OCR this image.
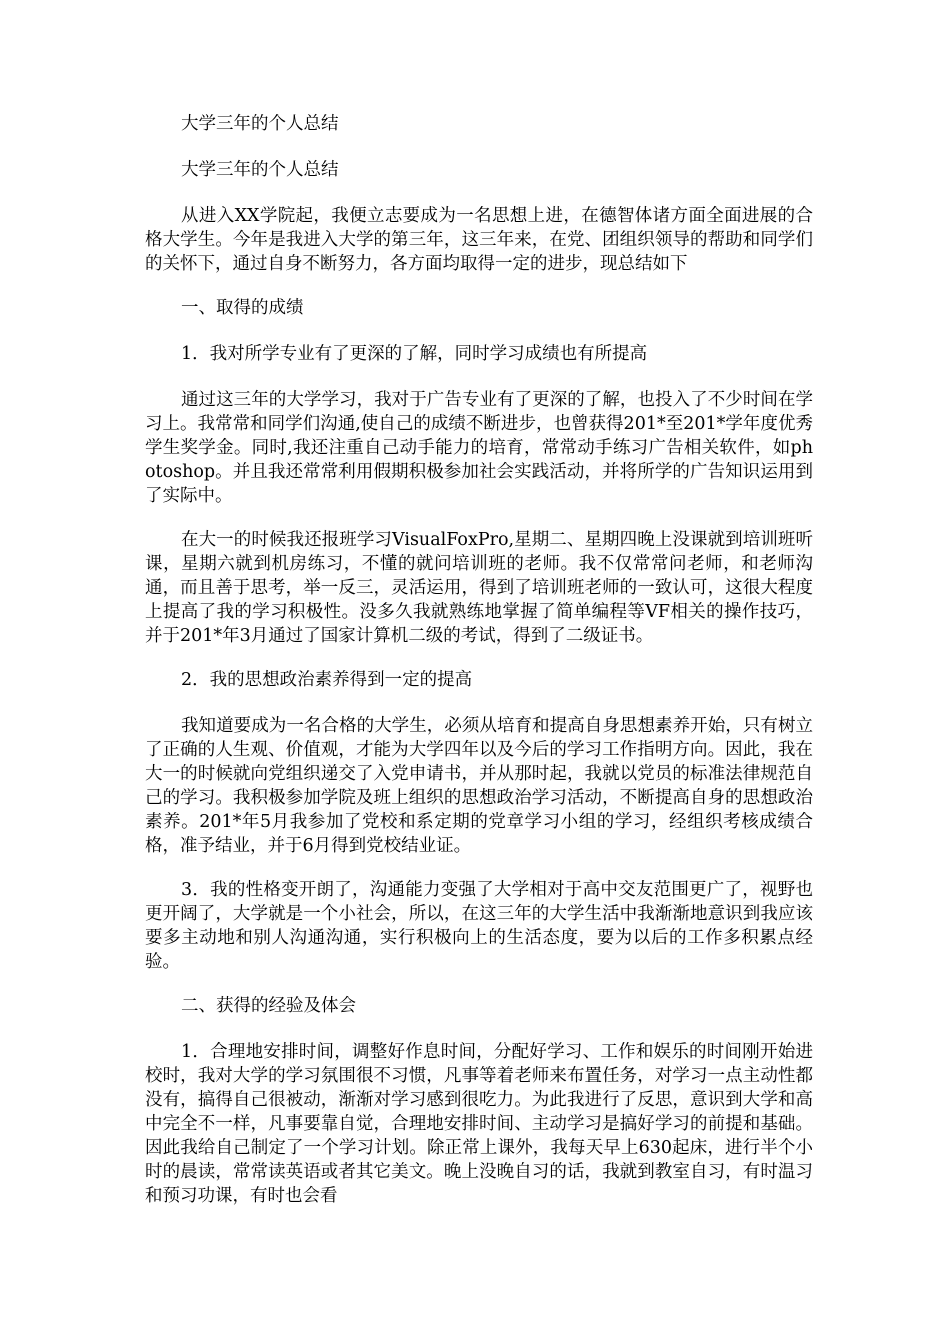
大学三年的个人总结

大学三年的个人总结

从进入XX学院起，我便立志要成为一名思想上进，在德智体诸方面全面进展的合格大学生。今年是我进入大学的第三年，这三年来，在党、团组织领导的帮助和同学们的关怀下，通过自身不断努力，各方面均取得一定的进步，现总结如下

一、取得的成绩

1．我对所学专业有了更深的了解，同时学习成绩也有所提高

通过这三年的大学学习，我对于广告专业有了更深的了解，也投入了不少时间在学习上。我常常和同学们沟通,使自己的成绩不断进步，也曾获得201*至201*学年度优秀学生奖学金。同时,我还注重自己动手能力的培育，常常动手练习广告相关软件，如photoshop。并且我还常常利用假期积极参加社会实践活动，并将所学的广告知识运用到了实际中。

在大一的时候我还报班学习VisualFoxPro,星期二、星期四晚上没课就到培训班听课，星期六就到机房练习，不懂的就问培训班的老师。我不仅常常问老师，和老师沟通，而且善于思考，举一反三，灵活运用，得到了培训班老师的一致认可，这很大程度上提高了我的学习积极性。没多久我就熟练地掌握了简单编程等VF相关的操作技巧，并于201*年3月通过了国家计算机二级的考试，得到了二级证书。

2．我的思想政治素养得到一定的提高

我知道要成为一名合格的大学生，必须从培育和提高自身思想素养开始，只有树立了正确的人生观、价值观，才能为大学四年以及今后的学习工作指明方向。因此，我在大一的时候就向党组织递交了入党申请书，并从那时起，我就以党员的标准法律规范自己的学习。我积极参加学院及班上组织的思想政治学习活动，不断提高自身的思想政治素养。201*年5月我参加了党校和系定期的党章学习小组的学习，经组织考核成绩合格，准予结业，并于6月得到党校结业证。

3．我的性格变开朗了，沟通能力变强了大学相对于高中交友范围更广了，视野也更开阔了，大学就是一个小社会，所以，在这三年的大学生活中我渐渐地意识到我应该要多主动地和别人沟通沟通，实行积极向上的生活态度，要为以后的工作多积累点经验。

二、获得的经验及体会

1．合理地安排时间，调整好作息时间，分配好学习、工作和娱乐的时间刚开始进校时，我对大学的学习氛围很不习惯，凡事等着老师来布置任务，对学习一点主动性都没有，搞得自己很被动，渐渐对学习感到很吃力。为此我进行了反思，意识到大学和高中完全不一样，凡事要靠自觉，合理地安排时间、主动学习是搞好学习的前提和基础。因此我给自己制定了一个学习计划。除正常上课外，我每天早上630起床，进行半个小时的晨读，常常读英语或者其它美文。晚上没晚自习的话，我就到教室自习，有时温习和预习功课，有时也会看
